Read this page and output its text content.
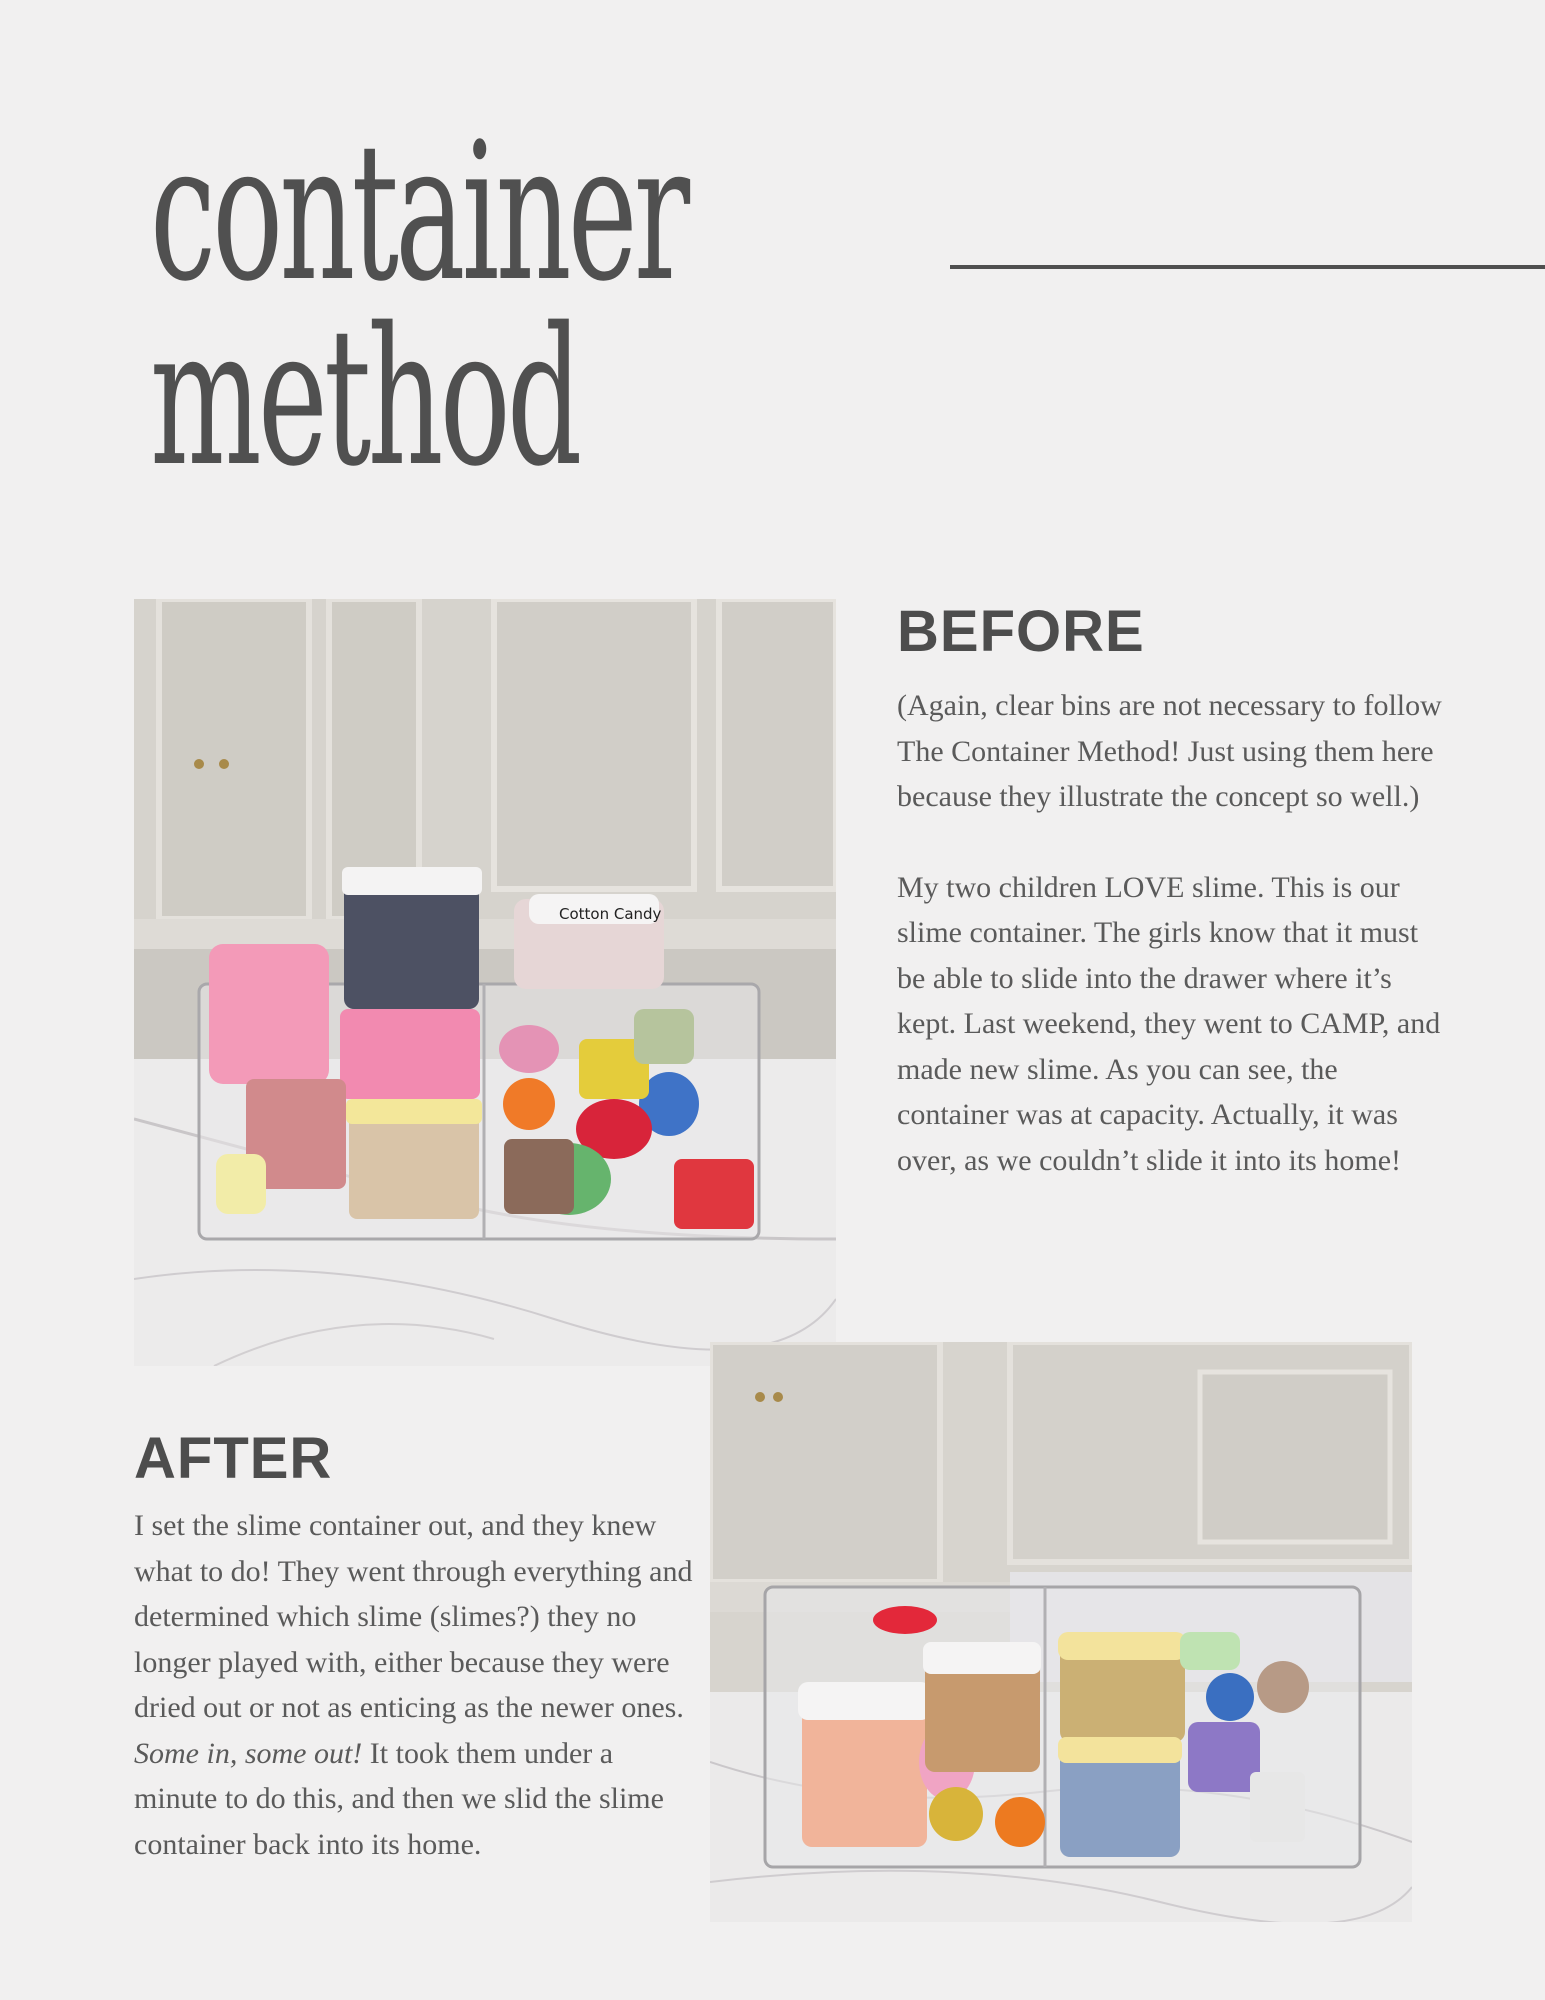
container
method
Cotton Candy
BEFORE

(Again, clear bins are not necessary to follow The Container Method! Just using them here because they illustrate the concept so well.)

My two children LOVE slime. This is our slime container. The girls know that it must be able to slide into the drawer where it’s kept. Last weekend, they went to CAMP, and made new slime. As you can see, the container was at capacity. Actually, it was over, as we couldn’t slide it into its home!

AFTER

I set the slime container out, and they knew what to do! They went through everything and determined which slime (slimes?) they no longer played with, either because they were dried out or not as enticing as the newer ones. Some in, some out! It took them under a minute to do this, and then we slid the slime container back into its home.
